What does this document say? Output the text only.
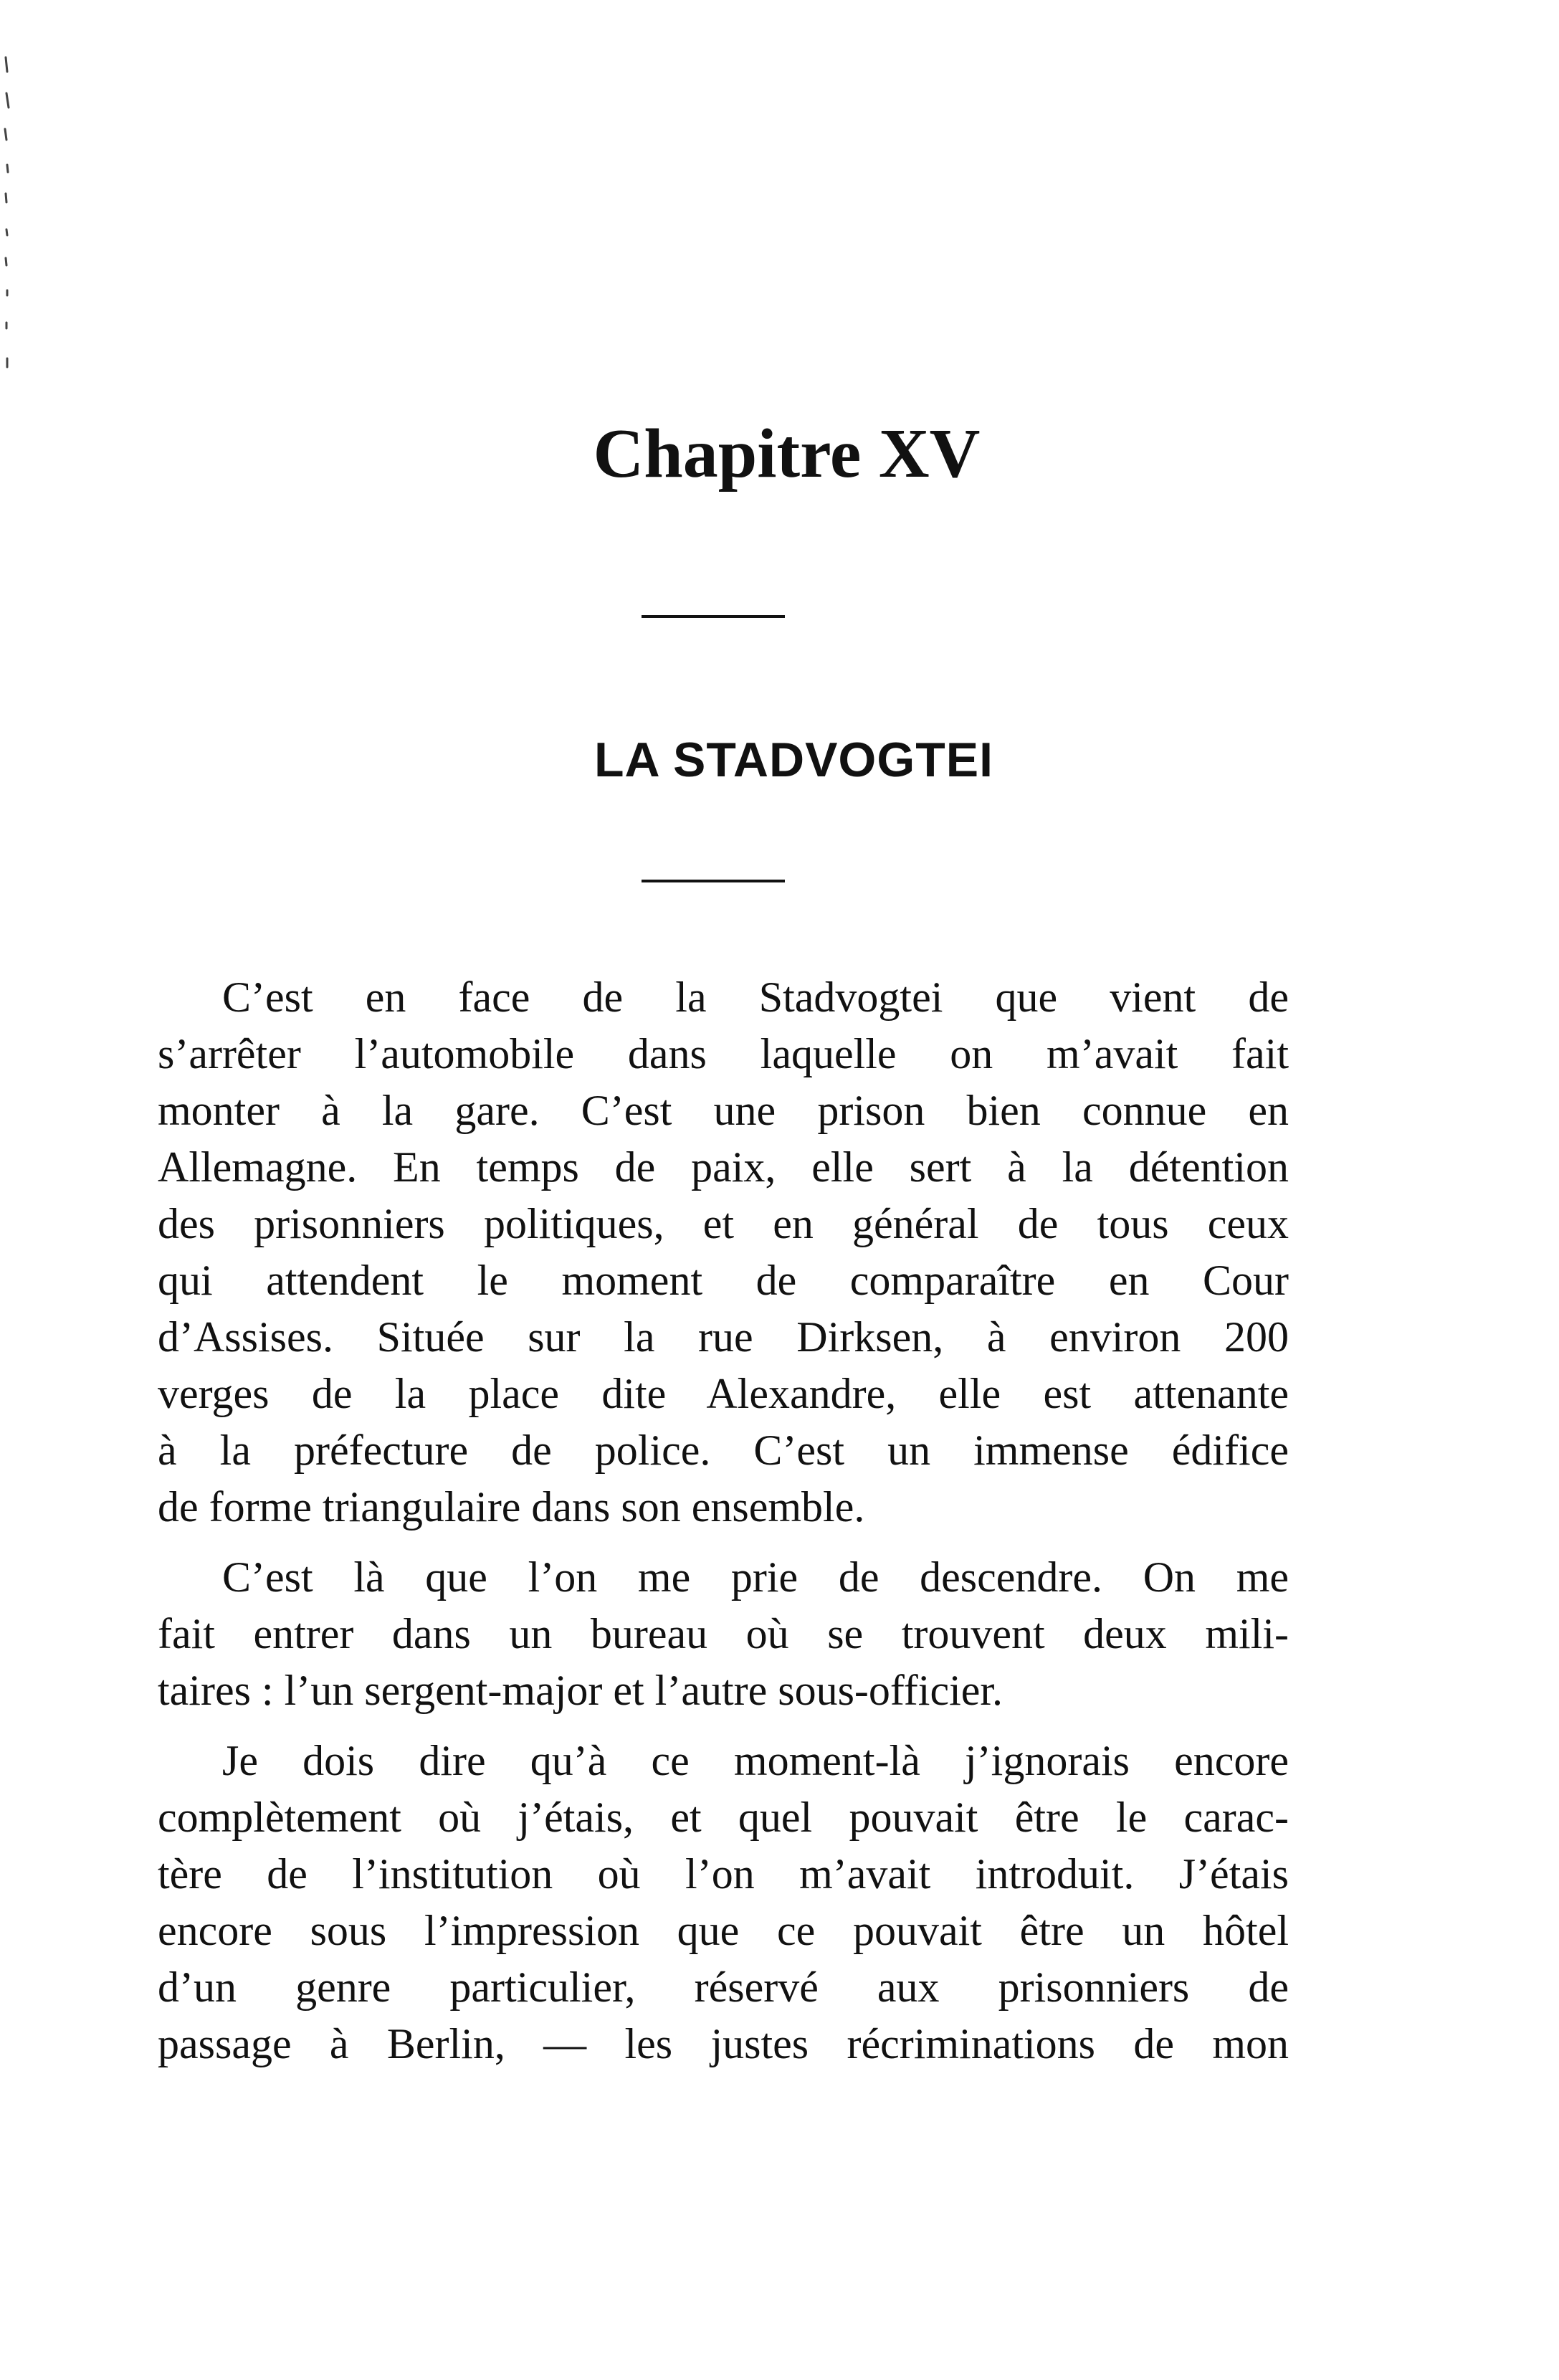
Chapitre XV
LA STADVOGTEI

C’est en face de la Stadvogtei que vient de
s’arrêter l’automobile dans laquelle on m’avait fait
monter à la gare. C’est une prison bien connue en
Allemagne. En temps de paix, elle sert à la détention
des prisonniers politiques, et en général de tous ceux
qui attendent le moment de comparaître en Cour
d’Assises. Située sur la rue Dirksen, à environ 200
verges de la place dite Alexandre, elle est attenante
à la préfecture de police. C’est un immense édifice
de forme triangulaire dans son ensemble.

C’est là que l’on me prie de descendre. On me
fait entrer dans un bureau où se trouvent deux mili-
taires : l’un sergent-major et l’autre sous-officier.

Je dois dire qu’à ce moment-là j’ignorais encore
complètement où j’étais, et quel pouvait être le carac-
tère de l’institution où l’on m’avait introduit. J’étais
encore sous l’impression que ce pouvait être un hôtel
d’un genre particulier, réservé aux prisonniers de
passage à Berlin, — les justes récriminations de mon
